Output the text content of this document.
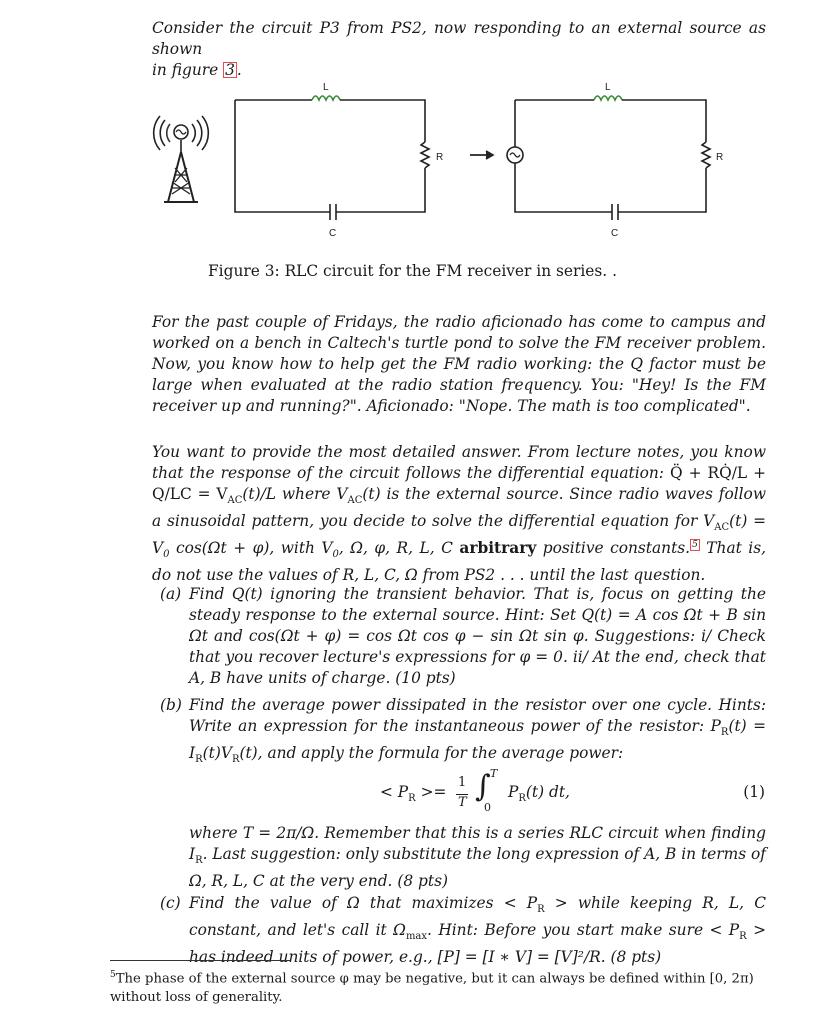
Consider the circuit P3 from PS2, now responding to an external source as shown
in figure 3 .
L
R
C
L
R
C
Figure 3: RLC circuit for the FM receiver in series. .
For the past couple of Fridays, the radio aficionado has come to campus and worked on a bench in Caltech's turtle pond to solve the FM receiver problem. Now, you know how to help get the FM radio working: the Q factor must be large when evaluated at the radio station frequency. You: "Hey! Is the FM receiver up and running?". Aficionado: "Nope. The math is too complicated".
You want to provide the most detailed answer. From lecture notes, you know that the response of the circuit follows the differential equation: Q̈ + RQ̇/L + $Q/LC = V_{AC}(t)/L$ where $V_{AC}(t)$ is the external source. Since radio waves follow a sinusoidal pattern, you decide to solve the differential equation for $V_{AC}(t) = V_0$ cos(Ωt + φ), with $V_0$, Ω, φ, R, L, C arbitrary positive constants. $^5$ That is, do not use the values of R, L, C, Ω from PS2 . . . until the last question.
(a) Find Q(t) ignoring the transient behavior. That is, focus on getting the steady response to the external source. Hint: Set Q(t) = A cos Ωt + B sin Ωt and cos(Ωt + φ) = cos Ωt cos φ − sin Ωt sin φ. Suggestions: i/ Check that you recover lecture's expressions for φ = 0. ii/ At the end, check that A, B have units of charge. (10 pts)
(b) Find the average power dissipated in the resistor over one cycle. Hints: Write an expression for the instantaneous power of the resistor: $P_R(t) = I_R(t)V_R(t)$, and apply the formula for the average power:
< $P_R$ >=
1
T ∫ T
0
$P_R(t)$ dt,	(1)
where T = 2π/Ω. Remember that this is a series RLC circuit when finding $I_R$. Last suggestion: only substitute the long expression of A, B in terms of Ω, R, L, C at the very end. (8 pts)
(c) Find the value of Ω that maximizes < $P_R$ > while keeping R, L, C constant, and let's call it $\Omega_{max}$. Hint: Before you start make sure < $P_R$ > has indeed units of power, e.g., [P] = [I ∗ V] = [V]²/R. (8 pts)
$^5$The phase of the external source φ may be negative, but it can always be defined within [0, 2π) without loss of generality.
